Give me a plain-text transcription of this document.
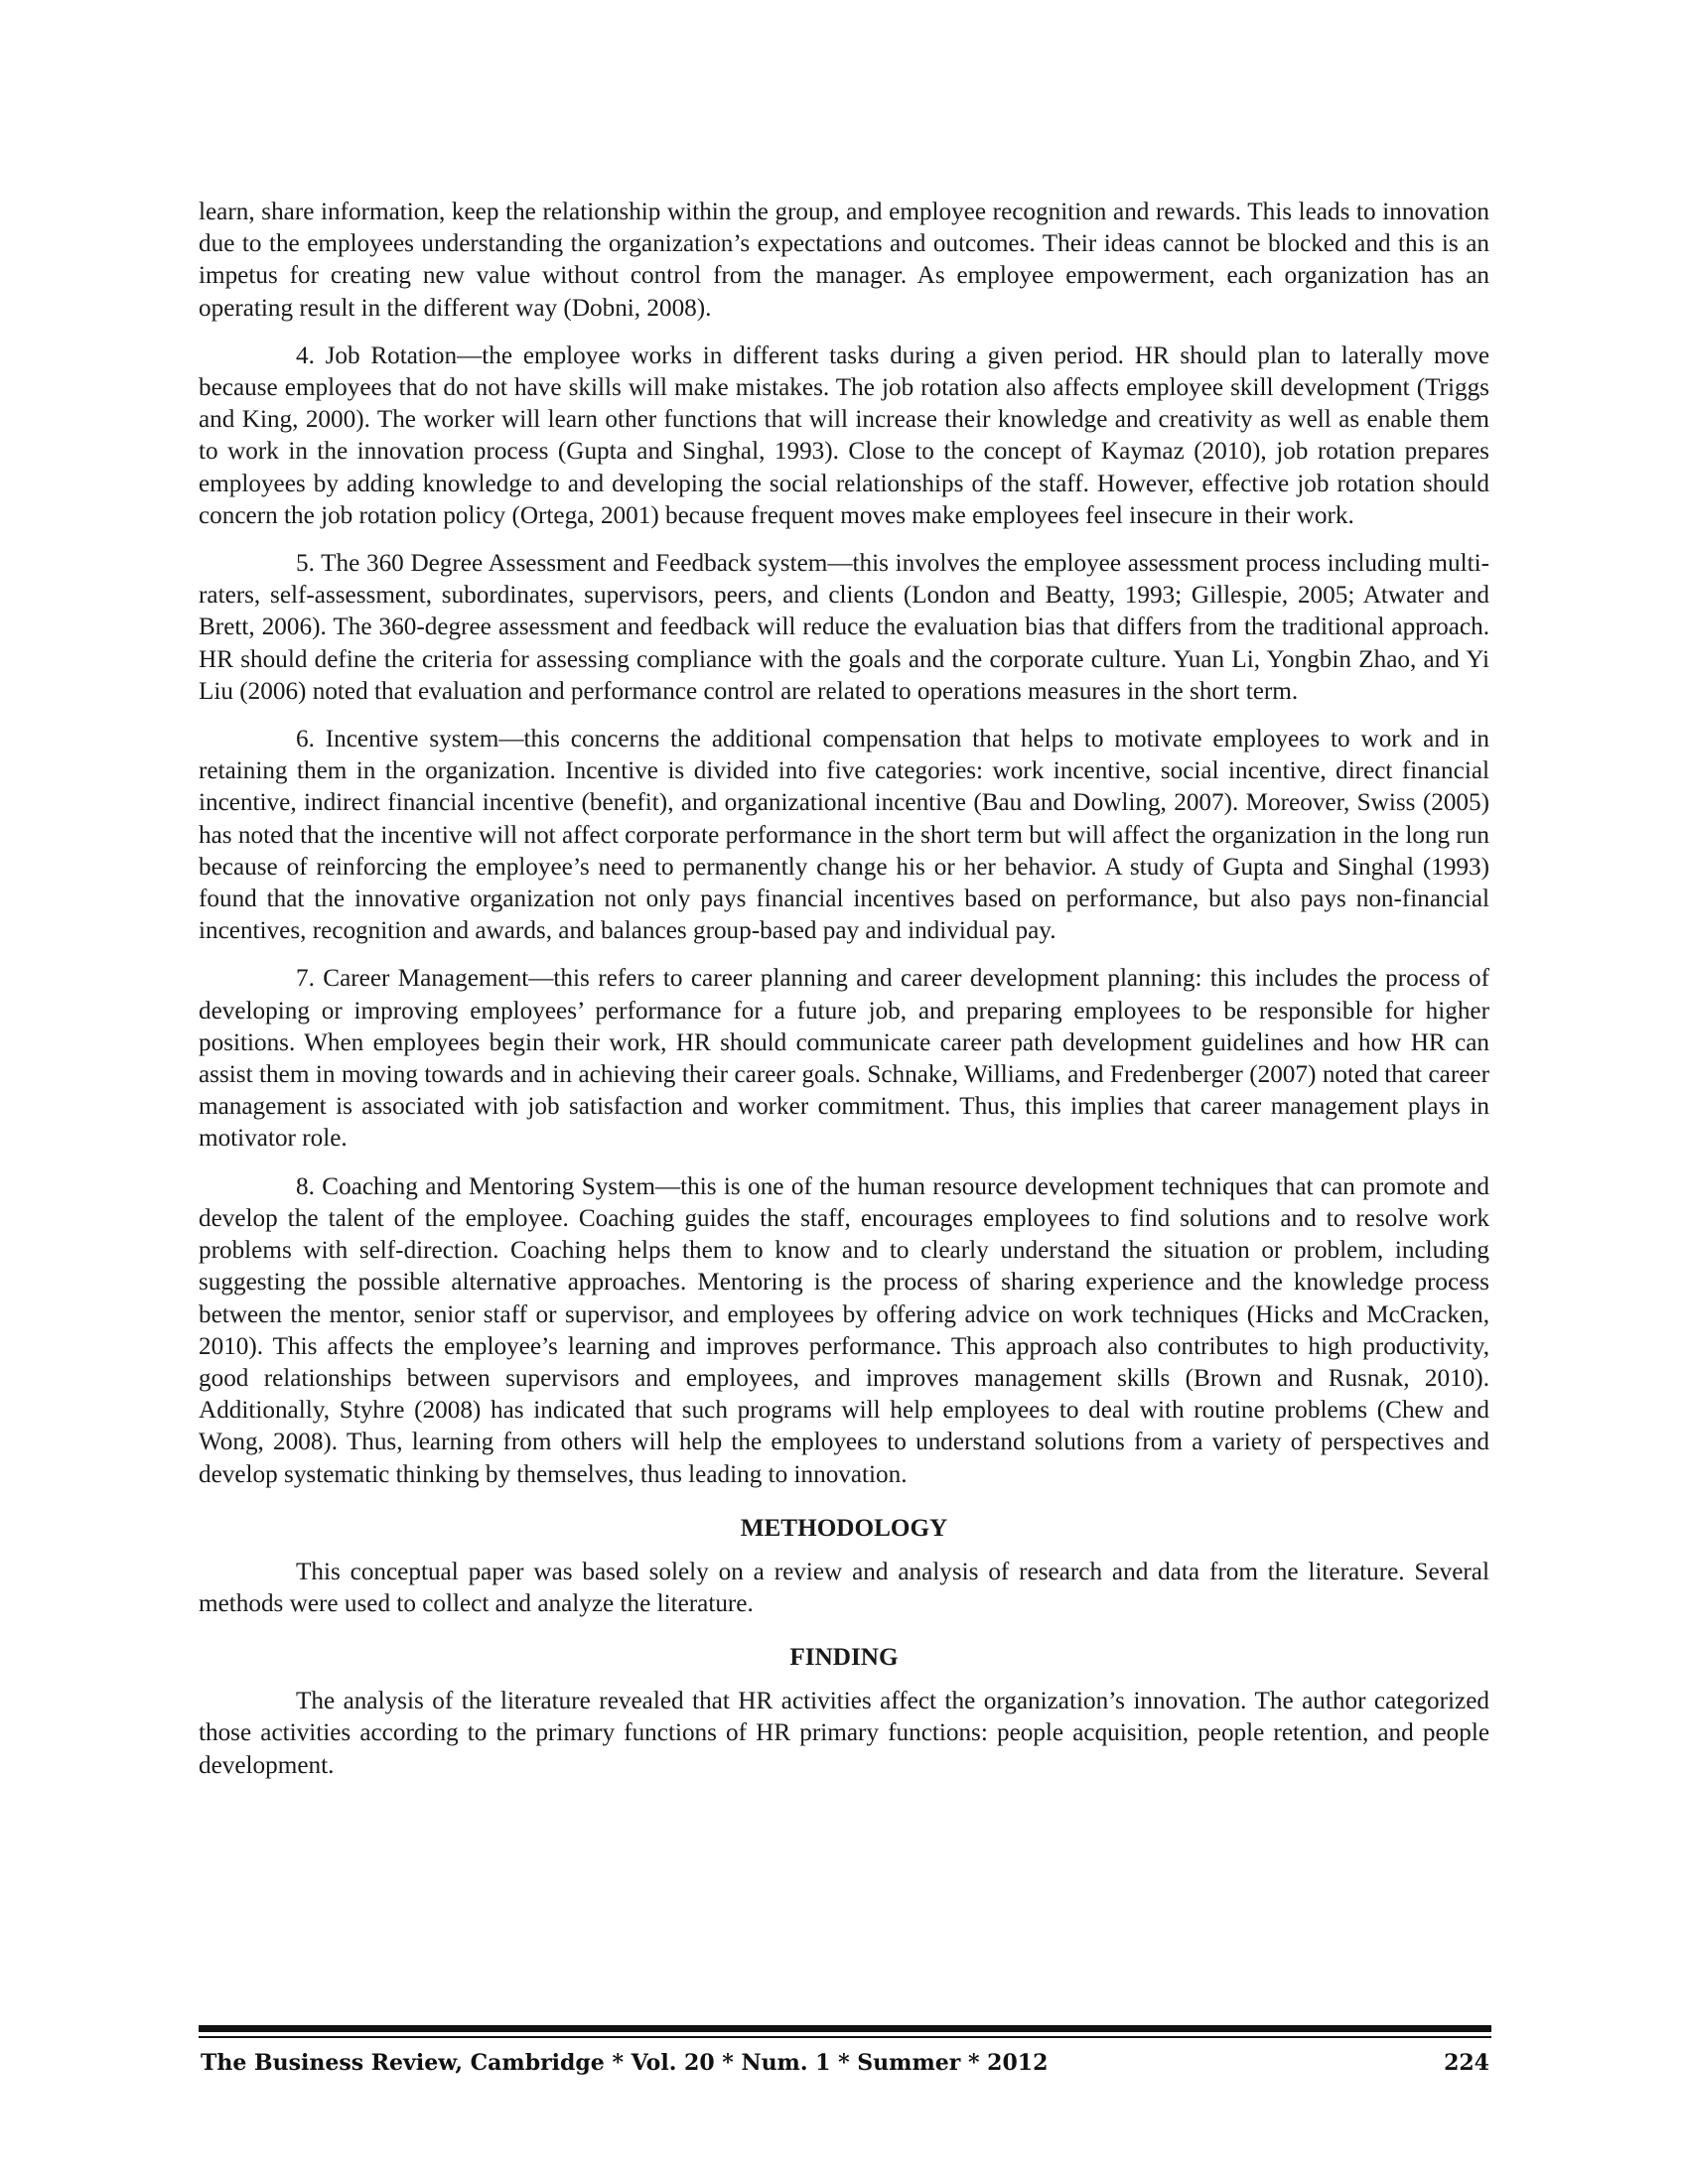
learn, share information, keep the relationship within the group, and employee recognition and rewards. This leads to innovation due to the employees understanding the organization’s expectations and outcomes. Their ideas cannot be blocked and this is an impetus for creating new value without control from the manager. As employee empowerment, each organization has an operating result in the different way (Dobni, 2008).

4. Job Rotation—the employee works in different tasks during a given period. HR should plan to laterally move because employees that do not have skills will make mistakes. The job rotation also affects employee skill development (Triggs and King, 2000). The worker will learn other functions that will increase their knowledge and creativity as well as enable them to work in the innovation process (Gupta and Singhal, 1993). Close to the concept of Kaymaz (2010), job rotation prepares employees by adding knowledge to and developing the social relationships of the staff. However, effective job rotation should concern the job rotation policy (Ortega, 2001) because frequent moves make employees feel insecure in their work.

5. The 360 Degree Assessment and Feedback system—this involves the employee assessment process including multi-raters, self-assessment, subordinates, supervisors, peers, and clients (London and Beatty, 1993; Gillespie, 2005; Atwater and Brett, 2006). The 360-degree assessment and feedback will reduce the evaluation bias that differs from the traditional approach. HR should define the criteria for assessing compliance with the goals and the corporate culture. Yuan Li, Yongbin Zhao, and Yi Liu (2006) noted that evaluation and performance control are related to operations measures in the short term.

6. Incentive system—this concerns the additional compensation that helps to motivate employees to work and in retaining them in the organization. Incentive is divided into five categories: work incentive, social incentive, direct financial incentive, indirect financial incentive (benefit), and organizational incentive (Bau and Dowling, 2007). Moreover, Swiss (2005) has noted that the incentive will not affect corporate performance in the short term but will affect the organization in the long run because of reinforcing the employee’s need to permanently change his or her behavior. A study of Gupta and Singhal (1993) found that the innovative organization not only pays financial incentives based on performance, but also pays non-financial incentives, recognition and awards, and balances group-based pay and individual pay.

7. Career Management—this refers to career planning and career development planning: this includes the process of developing or improving employees’ performance for a future job, and preparing employees to be responsible for higher positions. When employees begin their work, HR should communicate career path development guidelines and how HR can assist them in moving towards and in achieving their career goals. Schnake, Williams, and Fredenberger (2007) noted that career management is associated with job satisfaction and worker commitment. Thus, this implies that career management plays in motivator role.

8. Coaching and Mentoring System—this is one of the human resource development techniques that can promote and develop the talent of the employee. Coaching guides the staff, encourages employees to find solutions and to resolve work problems with self-direction. Coaching helps them to know and to clearly understand the situation or problem, including suggesting the possible alternative approaches. Mentoring is the process of sharing experience and the knowledge process between the mentor, senior staff or supervisor, and employees by offering advice on work techniques (Hicks and McCracken, 2010). This affects the employee’s learning and improves performance. This approach also contributes to high productivity, good relationships between supervisors and employees, and improves management skills (Brown and Rusnak, 2010). Additionally, Styhre (2008) has indicated that such programs will help employees to deal with routine problems (Chew and Wong, 2008). Thus, learning from others will help the employees to understand solutions from a variety of perspectives and develop systematic thinking by themselves, thus leading to innovation.

METHODOLOGY

This conceptual paper was based solely on a review and analysis of research and data from the literature. Several methods were used to collect and analyze the literature.

FINDING

The analysis of the literature revealed that HR activities affect the organization’s innovation. The author categorized those activities according to the primary functions of HR primary functions: people acquisition, people retention, and people development.

The Business Review, Cambridge * Vol. 20 * Num. 1 * Summer * 2012	224
